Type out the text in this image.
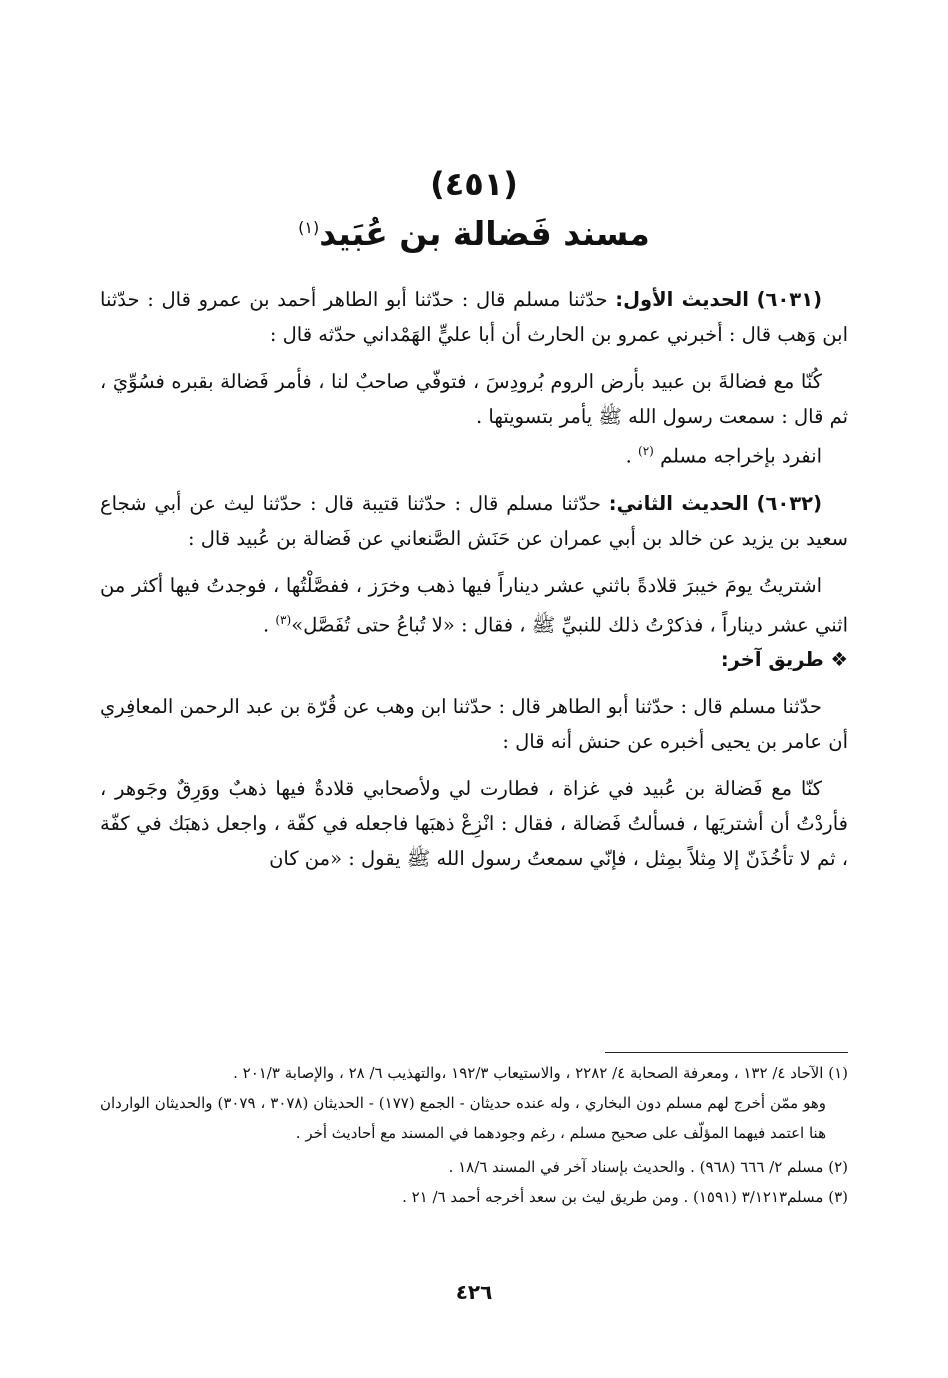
(٤٥١)
مسند فَضالة بن عُبَيد$^{(١)}$

(٦٠٣١) الحديث الأول: حدّثنا مسلم قال : حدّثنا أبو الطاهر أحمد بن عمرو قال : حدّثنا ابن وَهب قال : أخبرني عمرو بن الحارث أن أبا عليٍّ الهَمْداني حدّثه قال :

كُنّا مع فضالةَ بن عبيد بأرض الروم بُرودِسَ ، فتوفّي صاحبٌ لنا ، فأمر فَضالة بقبره فسُوِّيَ ، ثم قال : سمعت رسول الله ﷺ يأمر بتسويتها .

انفرد بإخراجه مسلم $^{(٢)}$ .

(٦٠٣٢) الحديث الثاني: حدّثنا مسلم قال : حدّثنا قتيبة قال : حدّثنا ليث عن أبي شجاع سعيد بن يزيد عن خالد بن أبي عمران عن حَنَش الصَّنعاني عن فَضالة بن عُبيد قال :

اشتريتُ يومَ خيبرَ قلادةً باثني عشر ديناراً فيها ذهب وخرَز ، ففصَّلْتُها ، فوجدتُ فيها أكثر من اثني عشر ديناراً ، فذكرْتُ ذلك للنبيِّ ﷺ ، فقال : «لا تُباعُ حتى تُفَصَّل»$^{(٣)}$ .

❖ طريق آخر:

حدّثنا مسلم قال : حدّثنا أبو الطاهر قال : حدّثنا ابن وهب عن قُرّة بن عبد الرحمن المعافِري أن عامر بن يحيى أخبره عن حنش أنه قال :

كنّا مع فَضالة بن عُبيد في غزاة ، فطارت لي ولأصحابي قلادةٌ فيها ذهبٌ ووَرِقٌ وجَوهر ، فأردْتُ أن أشتريَها ، فسألتُ فَضالة ، فقال : انْزِعْ ذهبَها فاجعله في كفّة ، واجعل ذهبَك في كفّة ، ثم لا تأخُذَنّ إلا مِثلاً بمِثل ، فإنّي سمعتُ رسول الله ﷺ يقول : «من كان

(١) الآحاد ٤/ ١٣٢ ، ومعرفة الصحابة ٤/ ٢٢٨٢ ، والاستيعاب ١٩٢/٣ ،والتهذيب ٦/ ٢٨ ، والإصابة ٢٠١/٣ .

وهو ممّن أخرج لهم مسلم دون البخاري ، وله عنده حديثان - الجمع (١٧٧) - الحديثان (٣٠٧٨ ، ٣٠٧٩) والحديثان الواردان هنا اعتمد فيهما المؤلّف على صحيح مسلم ، رغم وجودهما في المسند مع أحاديث أخر .

(٢) مسلم ٢/ ٦٦٦ (٩٦٨) . والحديث بإسناد آخر في المسند ١٨/٦ .

(٣) مسلم٣/١٢١٣ (١٥٩١) . ومن طريق ليث بن سعد أخرجه أحمد ٦/ ٢١ .

٤٢٦
